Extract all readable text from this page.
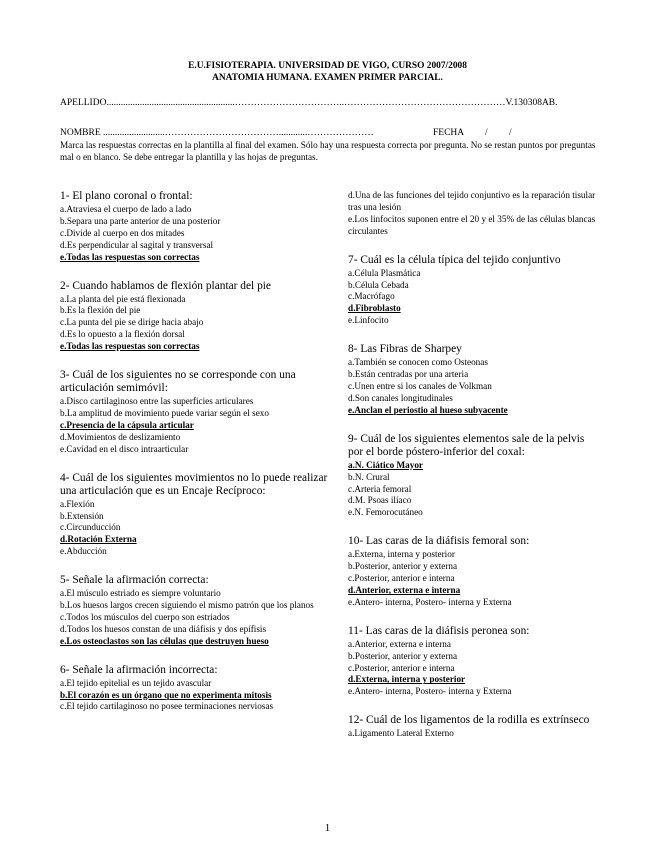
E.U.FISIOTERAPIA. UNIVERSIDAD DE VIGO, CURSO 2007/2008
ANATOMIA HUMANA. EXAMEN PRIMER PARCIAL.
APELLIDO......................................................……………………………..……………………………………………V.130308AB.
NOMBRE ..........................………………………………............…………………	FECHA         /         /
Marca las respuestas correctas en la plantilla al final del examen. Sólo hay una respuesta correcta por pregunta. No se restan puntos por preguntas mal o en blanco. Se debe entregar la plantilla y las hojas de preguntas.
1- El plano coronal o frontal:
a.Atraviesa el cuerpo de lado a lado
b.Separa una parte anterior de una posterior
c.Divide al cuerpo en dos mitades
d.Es perpendicular al sagital y transversal
e.Todas las respuestas son correctas
2- Cuando hablamos de flexión plantar del pie
a.La planta del pie está flexionada
b.Es la flexión del pie
c.La punta del pie se dirige hacia abajo
d.Es lo opuesto a la flexión dorsal
e.Todas las respuestas son correctas
3- Cuál de los siguientes no se corresponde con una articulación semimóvil:
a.Disco cartilaginoso entre las superficies articulares
b.La amplitud de movimiento puede variar según el sexo
c.Presencia de la cápsula articular
d.Movimientos de deslizamiento
e.Cavidad en el disco intraarticular
4- Cuál de los siguientes movimientos no lo puede realizar una articulación que es un Encaje Recíproco:
a.Flexión
b.Extensión
c.Circunducción
d.Rotación Externa
e.Abducción
5- Señale la afirmación correcta:
a.El músculo estriado es siempre voluntario
b.Los huesos largos crecen siguiendo el mismo patrón que los planos
c.Todos los músculos del cuerpo son estriados
d.Todos los huesos constan de una diáfisis y dos epífisis
e.Los osteoclastos son las células que destruyen hueso
6- Señale la afirmación incorrecta:
a.El tejido epitelial es un tejido avascular
b.El corazón es un órgano que no experimenta mitosis
c.El tejido cartilaginoso no posee terminaciones nerviosas
d.Una de las funciones del tejido conjuntivo es la reparación tisular tras una lesión
e.Los linfocitos suponen entre el 20 y el 35% de las células blancas circulantes
7- Cuál es la célula típica del tejido conjuntivo
a.Célula Plasmática
b.Célula Cebada
c.Macrófago
d.Fibroblasto
e.Linfocito
8- Las Fibras de Sharpey
a.También se conocen como Osteonas
b.Están centradas por una arteria
c.Unen entre si los canales de Volkman
d.Son canales longitudinales
e.Anclan el periostio al hueso subyacente
9- Cuál de los siguientes elementos sale de la pelvis por el borde póstero-inferior del coxal:
a.N. Ciático Mayor
b.N. Crural
c.Arteria femoral
d.M. Psoas ilíaco
e.N. Femorocutáneo
10- Las caras de la diáfisis femoral son:
a.Externa, interna y posterior
b.Posterior, anterior y externa
c.Posterior, anterior e interna
d.Anterior, externa e interna
e.Antero- interna, Postero- interna y Externa
11- Las caras de la diáfisis peronea son:
a.Anterior, externa e interna
b.Posterior, anterior y externa
c.Posterior, anterior e interna
d.Externa, interna y posterior
e.Antero- interna, Postero- interna y Externa
12- Cuál de los ligamentos de la rodilla es extrínseco
a.Ligamento Lateral Externo
1
